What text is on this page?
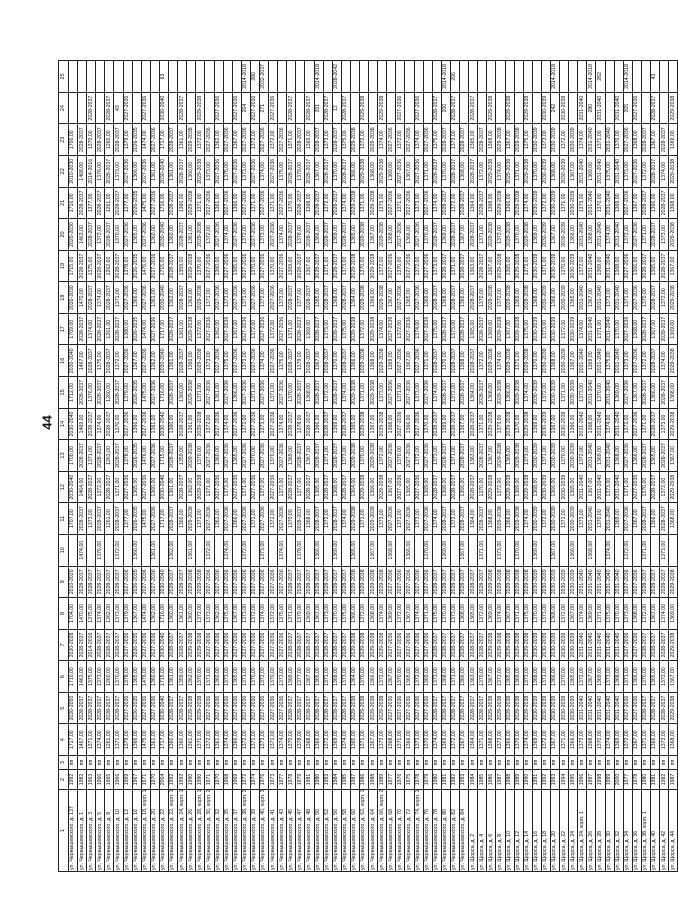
44
1	2	3	4	5	6	7	8	9	10	11	12	13	14	15	16	17	18	19	20	21	22	23	24	25
ул. Чернышевского, д. 137	1992	пп	1717,00	2020-2050	1710,00	2020-2028	1704,00	2010-2020		1707,00	2030-2040	1700,00	2030-2040	1712,00	2030-2040	1709,00	2020-2030	1715,00	2020-2030	1716,00	2010-2030	1700,00		
ул. Чернышевского, д. 1	1982	пп	1467,00	2028-2037	1463,00	2028-2037	1470,00	2028-2037	1474,00	2028-2037	1464,00	2028-2037	1469,00	2028-2037	1467,00	2028-2037	1470,00	2028-2037	1463,00	2028-2037	1468,00	2028-2037		
ул. Чернышевского, д. 3	1963	пп	1371,00	2028-2037	1375,00	2014-2016	1375,00	2028-2037		1373,00	2028-2037	1371,00	2028-2037	1376,00	2028-2037	1374,00	2028-2037	1375,00	2028-2037	1377,00	2014-2016	1370,00	2028-2037	
ул. Чернышевского, д. 5	1960	пп	1374,00	2028-2037	1373,00	2028-2037	1374,00	2028-2037	1376,00	2028-2037	1372,00	2028-2037	1374,00	2028-2037	1375,00	2028-2037	1374,00	2028-2037	1373,00	2028-2037	1376,00	2028-2037		
ул. Чернышевского, д. 8	1965	пп	1261,00	2028-2037	1260,00	2028-2037	1262,00	2028-2037		1261,00	2028-2037	1263,00	2028-2037	1260,00	2028-2037	1261,00	2028-2037	1262,00	2028-2037	1261,00	2028-2037	1260,00	2028-2037	
ул. Чернышевского, д. 10	1966	пп	1371,00	2028-2037	1370,00	2028-2037	1373,00	2028-2037	1372,00	2028-2037	1371,00	2028-2037	1370,00	2028-2037	1372,00	2028-2037	1371,00	2028-2037	1370,00	2028-2037	1373,00	2028-2037	43	
ул. Чернышевского, д. 12	1969	пп	1379,00	2027-2036	1378,00	2027-2036	1379,00	2027-2036		1377,00	2027-2036	1378,00	2027-2036	1379,00	2027-2036	1380,00	2027-2036	1378,00	2027-2036	1377,00	2027-2036	1379,00	2027-2036	
ул. Чернышевского, д. 16	1967	пп	1366,00	2026-2035	1365,00	2026-2035	1367,00	2026-2035	1366,00	2026-2035	1365,00	2026-2035	1366,00	2026-2035	1367,00	2026-2035	1366,00	2026-2035	1365,00	2026-2035	1366,00	2026-2035		
ул. Чернышевского, д. 18, корп. 1	1971	пп	1475,00	2027-2036	1476,00	2027-2036	1474,00	2027-2036		1475,00	2027-2036	1476,00	2027-2036	1475,00	2027-2036	1474,00	2027-2036	1476,00	2027-2036	1475,00	2027-2036	1474,00	2027-2036	
ул. Чернышевского, д. 20	1970	пп	1361,00	2027-2036	1360,00	2027-2036	1362,00	2027-2036	1361,00	2027-2036	1360,00	2027-2036	1361,00	2027-2036	1362,00	2027-2036	1361,00	2027-2036	1360,00	2027-2036	1361,00	2027-2036		
ул. Чернышевского, д. 22	2004	пп	1717,00	2030-2040	1715,00	2030-2040	1716,00	2030-2040		1717,00	2030-2040	1715,00	2030-2040	1716,00	2030-2040	1717,00	2030-2040	1715,00	2030-2040	1716,00	2030-2040	1717,00	2030-2040	63
ул. Чернышевского, д. 22, корп. 1	1992	пп	1360,00	2028-2037	1361,00	2028-2037	1360,00	2028-2037	1362,00	2028-2037	1361,00	2028-2037	1360,00	2028-2037	1361,00	2028-2037	1362,00	2028-2037	1360,00	2028-2037	1361,00	2028-2037		
ул. Чернышевского, д. 24, корп. 1	1992	пп	1360,00	2028-2037	1359,00	2028-2037	1361,00	2028-2037		1360,00	2028-2037	1359,00	2028-2037	1360,00	2028-2037	1361,00	2028-2037	1359,00	2028-2037	1360,00	2028-2037	1361,00	2028-2037	
ул. Чернышевского, д. 26	1990	пп	1361,00	2029-2038	1362,00	2029-2038	1360,00	2029-2038	1361,00	2029-2038	1362,00	2029-2038	1361,00	2029-2038	1360,00	2029-2038	1362,00	2029-2038	1361,00	2029-2038	1360,00	2029-2038		
ул. Чернышевского, д. 28, корп. 1	1990	пп	1371,00	2029-2038	1370,00	2029-2038	1372,00	2029-2038		1371,00	2029-2038	1370,00	2029-2038	1371,00	2029-2038	1372,00	2029-2038	1370,00	2029-2038	1371,00	2029-2038	1372,00	2029-2038	
ул. Чернышевского, д. 30, корп. 2	1971	пп	1372,00	2027-2036	1371,00	2027-2036	1373,00	2027-2036	1372,00	2027-2036	1371,00	2027-2036	1372,00	2027-2036	1373,00	2027-2036	1371,00	2027-2036	1372,00	2027-2036	1373,00	2027-2036		
ул. Чернышевского, д. 32	1970	пп	1361,00	2027-2036	1360,00	2027-2036	1362,00	2027-2036		1361,00	2027-2036	1360,00	2027-2036	1361,00	2027-2036	1362,00	2027-2036	1360,00	2027-2036	1361,00	2027-2036	1362,00	2027-2036	
ул. Чернышевского, д. 35	1968	пп	1374,00	2027-2036	1373,00	2027-2036	1375,00	2027-2036	1374,00	2027-2036	1373,00	2027-2036	1374,00	2027-2036	1375,00	2027-2036	1373,00	2027-2036	1374,00	2027-2036	1375,00	2027-2036		
ул. Чернышевского, д. 37	1969	пп	1366,00	2027-2036	1365,00	2027-2036	1367,00	2027-2036		1366,00	2027-2036	1365,00	2027-2036	1366,00	2027-2036	1367,00	2027-2036	1365,00	2027-2036	1366,00	2027-2036	1367,00	2027-2036	
ул. Чернышевского, д. 38, корп. 2	1972	пп	1372,00	2027-2036	1371,00	2027-2036	1373,00	2027-2036	1372,00	2027-2036	1371,00	2027-2036	1372,00	2027-2036	1373,00	2027-2036	1371,00	2027-2036	1372,00	2027-2036	1373,00	2027-2036	264	2014-2018
ул. Чернышевского, д. 39	1974	пп	1371,00	2027-2036	1370,00	2027-2036	1372,00	2027-2036		1371,00	2027-2036	1370,00	2027-2036	1371,00	2027-2036	1372,00	2027-2036	1370,00	2027-2036	1371,00	2027-2036	1372,00	2027-2036	280
ул. Чернышевского, д. 40, корп. 3	1976	пп	1373,00	2027-2036	1372,00	2027-2036	1374,00	2027-2036	1373,00	2027-2036	1372,00	2027-2036	1373,00	2027-2036	1374,00	2027-2036	1372,00	2027-2036	1373,00	2027-2036	1374,00	2027-2036	271	2032-2037
ул. Чернышевского, д. 41	1973	пп	1371,00	2027-2036	1370,00	2027-2036	1372,00	2027-2036		1371,00	2027-2036	1370,00	2027-2036	1371,00	2027-2036	1372,00	2027-2036	1370,00	2027-2036	1371,00	2027-2036	1372,00	2027-2036	
ул. Чернышевского, д. 43	1977	пп	1374,00	2027-2036	1373,00	2027-2036	1375,00	2027-2036	1374,00	2027-2036	1373,00	2027-2036	1374,00	2027-2036	1375,00	2027-2036	1373,00	2027-2036	1374,00	2027-2036	1375,00	2027-2036		
ул. Чернышевского, д. 45	1978	пп	1370,00	2028-2037	1369,00	2028-2037	1371,00	2028-2037		1370,00	2028-2037	1369,00	2028-2037	1370,00	2028-2037	1371,00	2028-2037	1369,00	2028-2037	1370,00	2028-2037	1371,00	2028-2037	
ул. Чернышевского, д. 47	1979	пп	1378,00	2028-2037	1377,00	2028-2037	1379,00	2028-2037	1378,00	2028-2037	1377,00	2028-2037	1378,00	2028-2037	1379,00	2028-2037	1377,00	2028-2037	1378,00	2028-2037	1379,00	2028-2037		
ул. Чернышевского, д. 48	1981	пп	1368,00	2028-2037	1367,00	2028-2037	1369,00	2028-2037		1368,00	2028-2037	1367,00	2028-2037	1368,00	2028-2037	1369,00	2028-2037	1367,00	2028-2037	1368,00	2028-2037	1369,00	2028-2037	
ул. Чернышевского, д. 50	1980	пп	1366,00	2028-2037	1365,00	2028-2037	1367,00	2028-2037	1366,00	2028-2037	1365,00	2028-2037	1366,00	2028-2037	1367,00	2028-2037	1365,00	2028-2037	1366,00	2028-2037	1367,00	2028-2037	201	2014-2018
ул. Чернышевского, д. 52	1983	пп	1372,00	2028-2037	1371,00	2028-2037	1373,00	2028-2037		1372,00	2028-2037	1371,00	2028-2037	1372,00	2028-2037	1373,00	2028-2037	1371,00	2028-2037	1372,00	2028-2037	1373,00	2028-2037	
ул. Чернышевского, д. 56	1984	пп	1369,00	2028-2037	1368,00	2028-2037	1370,00	2028-2037	1369,00	2028-2037	1368,00	2028-2037	1369,00	2028-2037	1370,00	2028-2037	1368,00	2028-2037	1369,00	2028-2037	1370,00	2028-2037	12	2028-2042
ул. Чернышевского, д. 58	1985	пп	1374,00	2028-2037	1373,00	2028-2037	1375,00	2028-2037		1374,00	2028-2037	1373,00	2028-2037	1374,00	2028-2037	1375,00	2028-2037	1373,00	2028-2037	1374,00	2028-2037	1375,00	2028-2037	
ул. Чернышевского, д. 60	1987	пп	1365,00	2029-2038	1364,00	2029-2038	1366,00	2029-2038	1365,00	2029-2038	1364,00	2029-2038	1365,00	2029-2038	1366,00	2029-2038	1364,00	2029-2038	1365,00	2029-2038	1366,00	2029-2038		
ул. Чернышевского, д. 62, корп. 1	1986	пп	1371,00	2029-2038	1370,00	2029-2038	1372,00	2029-2038		1371,00	2029-2038	1370,00	2029-2038	1371,00	2029-2038	1372,00	2029-2038	1370,00	2029-2038	1371,00	2029-2038	1372,00	2029-2038	
ул. Чернышевского, д. 64	1988	пп	1367,00	2029-2038	1366,00	2029-2038	1368,00	2029-2038	1367,00	2029-2038	1366,00	2029-2038	1367,00	2029-2038	1368,00	2029-2038	1366,00	2029-2038	1367,00	2029-2038	1368,00	2029-2038		
ул. Чернышевского, д. 66, корп. 2	1989	пп	1373,00	2029-2038	1372,00	2029-2038	1374,00	2029-2038		1373,00	2029-2038	1372,00	2029-2038	1373,00	2029-2038	1374,00	2029-2038	1372,00	2029-2038	1373,00	2029-2038	1374,00	2029-2038	
ул. Чернышевского, д. 68	1977	пп	1368,00	2027-2036	1367,00	2027-2036	1369,00	2027-2036	1368,00	2027-2036	1367,00	2027-2036	1368,00	2027-2036	1369,00	2027-2036	1367,00	2027-2036	1368,00	2027-2036	1369,00	2027-2036		
ул. Чернышевского, д. 70	1976	пп	1371,00	2027-2036	1370,00	2027-2036	1372,00	2027-2036		1371,00	2027-2036	1370,00	2027-2036	1371,00	2027-2036	1372,00	2027-2036	1370,00	2027-2036	1371,00	2027-2036	1372,00	2027-2036	
ул. Чернышевского, д. 72	1975	пп	1366,00	2027-2036	1365,00	2027-2036	1367,00	2027-2036	1366,00	2027-2036	1365,00	2027-2036	1366,00	2027-2036	1367,00	2027-2036	1365,00	2027-2036	1366,00	2027-2036	1367,00	2027-2036		
ул. Чернышевского, д. 74, корп. 1	1978	пп	1373,00	2027-2036	1372,00	2027-2036	1374,00	2027-2036		1373,00	2027-2036	1372,00	2027-2036	1373,00	2027-2036	1374,00	2027-2036	1372,00	2027-2036	1373,00	2027-2036	1374,00	2027-2036	
ул. Чернышевского, д. 76	1979	пп	1370,00	2027-2036	1369,00	2027-2036	1371,00	2027-2036	1370,00	2027-2036	1369,00	2027-2036	1370,00	2027-2036	1371,00	2027-2036	1369,00	2027-2036	1370,00	2027-2036	1371,00	2027-2036		
ул. Чернышевского, д. 78	1980	пп	1374,00	2028-2037	1373,00	2028-2037	1375,00	2028-2037		1374,00	2028-2037	1373,00	2028-2037	1374,00	2028-2037	1375,00	2028-2037	1373,00	2028-2037	1374,00	2028-2037	1375,00	2028-2037	
ул. Чернышевского, д. 80	1981	пп	1369,00	2028-2037	1368,00	2028-2037	1370,00	2028-2037	1369,00	2028-2037	1368,00	2028-2037	1369,00	2028-2037	1370,00	2028-2037	1368,00	2028-2037	1369,00	2028-2037	1370,00	2028-2037	200	2014-2018
ул. Чернышевского, д. 82	1982	пп	1372,00	2028-2037	1371,00	2028-2037	1373,00	2028-2037		1372,00	2028-2037	1371,00	2028-2037	1372,00	2028-2037	1373,00	2028-2037	1371,00	2028-2037	1372,00	2028-2037	1373,00	2028-2037	206
ул. Чернышевского, д. 84	1983	пп	1367,00	2028-2037	1366,00	2028-2037	1368,00	2028-2037	1367,00	2028-2037	1366,00	2028-2037	1367,00	2028-2037	1368,00	2028-2037	1366,00	2028-2037	1367,00	2028-2037	1368,00	2028-2037		
ул. Щорса, д. 2	1984	пп	1364,00	2028-2037	1363,00	2028-2037	1365,00	2028-2037		1364,00	2028-2037	1363,00	2028-2037	1364,00	2028-2037	1365,00	2028-2037	1363,00	2028-2037	1364,00	2028-2037	1365,00	2028-2037	
ул. Щорса, д. 4	1985	пп	1371,00	2028-2037	1370,00	2028-2037	1372,00	2028-2037	1371,00	2028-2037	1370,00	2028-2037	1371,00	2028-2037	1372,00	2028-2037	1370,00	2028-2037	1371,00	2028-2037	1372,00	2028-2037		
ул. Щорса, д. 6	1986	пп	1368,00	2029-2038	1367,00	2029-2038	1369,00	2029-2038		1368,00	2029-2038	1367,00	2029-2038	1368,00	2029-2038	1369,00	2029-2038	1367,00	2029-2038	1368,00	2029-2038	1369,00	2029-2038	
ул. Щорса, д. 8	1987	пп	1373,00	2029-2038	1372,00	2029-2038	1374,00	2029-2038	1373,00	2029-2038	1372,00	2029-2038	1373,00	2029-2038	1374,00	2029-2038	1372,00	2029-2038	1373,00	2029-2038	1374,00	2029-2038		
ул. Щорса, д. 10	1988	пп	1366,00	2029-2038	1365,00	2029-2038	1367,00	2029-2038		1366,00	2029-2038	1365,00	2029-2038	1366,00	2029-2038	1367,00	2029-2038	1365,00	2029-2038	1366,00	2029-2038	1367,00	2029-2038	
ул. Щорса, д. 12	1989	пп	1370,00	2029-2038	1369,00	2029-2038	1371,00	2029-2038	1370,00	2029-2038	1369,00	2029-2038	1370,00	2029-2038	1371,00	2029-2038	1369,00	2029-2038	1370,00	2029-2038	1371,00	2029-2038		
ул. Щорса, д. 14	1990	пп	1374,00	2029-2038	1373,00	2029-2038	1375,00	2029-2038		1374,00	2029-2038	1373,00	2029-2038	1374,00	2029-2038	1375,00	2029-2038	1373,00	2029-2038	1374,00	2029-2038	1375,00	2029-2038	
ул. Щорса, д. 16	1991	пп	1369,00	2030-2039	1368,00	2030-2039	1370,00	2030-2039	1369,00	2030-2039	1368,00	2030-2039	1369,00	2030-2039	1370,00	2030-2039	1368,00	2030-2039	1369,00	2030-2039	1370,00	2030-2039		
ул. Щорса, д. 18	1992	пп	1372,00	2030-2039	1371,00	2030-2039	1373,00	2030-2039		1372,00	2030-2039	1371,00	2030-2039	1372,00	2030-2039	1373,00	2030-2039	1371,00	2030-2039	1372,00	2030-2039	1373,00	2030-2039	
ул. Щорса, д. 20	1993	пп	1367,00	2030-2039	1366,00	2030-2039	1368,00	2030-2039	1367,00	2030-2039	1366,00	2030-2039	1367,00	2030-2039	1368,00	2030-2039	1366,00	2030-2039	1367,00	2030-2039	1368,00	2030-2039	242	2014-2018
ул. Щорса, д. 22	1994	пп	1371,00	2030-2039	1370,00	2030-2039	1372,00	2030-2039		1371,00	2030-2039	1370,00	2030-2039	1371,00	2030-2039	1372,00	2030-2039	1370,00	2030-2039	1371,00	2030-2039	1372,00	2030-2039	
ул. Щорса, д. 24	1995	пп	1366,00	2030-2039	1365,00	2030-2039	1367,00	2030-2039	1366,00	2030-2039	1365,00	2030-2039	1366,00	2030-2039	1367,00	2030-2039	1365,00	2030-2039	1366,00	2030-2039	1367,00	2030-2039		
ул. Щорса, д. 24, корп. 1	1996	пп	1373,00	2031-2040	1372,00	2031-2040	1374,00	2031-2040		1373,00	2031-2040	1372,00	2031-2040	1373,00	2031-2040	1374,00	2031-2040	1372,00	2031-2040	1373,00	2031-2040	1374,00	2031-2040	
ул. Щорса, д. 26	1997	пп	1368,00	2031-2040	1367,00	2031-2040	1369,00	2031-2040	1368,00	2031-2040	1367,00	2031-2040	1368,00	2031-2040	1369,00	2031-2040	1367,00	2031-2040	1368,00	2031-2040	1369,00	2031-2040	280	2014-2018
ул. Щорса, д. 28	1998	пп	1370,00	2031-2040	1369,00	2031-2040	1371,00	2031-2040		1370,00	2031-2040	1369,00	2031-2040	1370,00	2031-2040	1371,00	2031-2040	1369,00	2031-2040	1370,00	2031-2040	1371,00	2031-2040	282
ул. Щорса, д. 30	1999	пп	1374,00	2031-2040	1373,00	2031-2040	1375,00	2031-2040	1374,00	2031-2040	1373,00	2031-2040	1374,00	2031-2040	1375,00	2031-2040	1373,00	2031-2040	1374,00	2031-2040	1375,00	2031-2040		
ул. Щорса, д. 32	2000	пп	1369,00	2031-2040	1368,00	2031-2040	1370,00	2031-2040		1369,00	2031-2040	1368,00	2031-2040	1369,00	2031-2040	1370,00	2031-2040	1368,00	2031-2040	1369,00	2031-2040	1370,00	2031-2040	
ул. Щорса, д. 34	1977	пп	1372,00	2027-2036	1371,00	2027-2036	1373,00	2027-2036	1372,00	2027-2036	1371,00	2027-2036	1372,00	2027-2036	1373,00	2027-2036	1371,00	2027-2036	1372,00	2027-2036	1373,00	2027-2036	205	2014-2018
ул. Щорса, д. 36	1978	пп	1367,00	2027-2036	1366,00	2027-2036	1368,00	2027-2036		1367,00	2027-2036	1366,00	2027-2036	1367,00	2027-2036	1368,00	2027-2036	1366,00	2027-2036	1367,00	2027-2036	1368,00	2027-2036	
ул. Щорса, д. 38, корп. 1	1980	пп	1371,00	2028-2037	1370,00	2028-2037	1372,00	2028-2037	1371,00	2028-2037	1370,00	2028-2037	1371,00	2028-2037	1372,00	2028-2037	1370,00	2028-2037	1371,00	2028-2037	1372,00	2028-2037		
ул. Щорса, д. 40	1981	пп	1366,00	2028-2037	1365,00	2028-2037	1367,00	2028-2037		1366,00	2028-2037	1365,00	2028-2037	1366,00	2028-2037	1367,00	2028-2037	1365,00	2028-2037	1366,00	2028-2037	1367,00	2028-2037	43
ул. Щорса, д. 42	1982	пп	1373,00	2028-2037	1372,00	2028-2037	1374,00	2028-2037	1373,00	2028-2037	1372,00	2028-2037	1373,00	2028-2037	1374,00	2028-2037	1372,00	2028-2037	1373,00	2028-2037	1374,00	2028-2037		
ул. Щорса, д. 44	1987	пп	1368,00	2029-2038	1367,00	2029-2038	1369,00	2029-2038		1368,00	2029-2038	1367,00	2029-2038	1368,00	2029-2038	1369,00	2029-2038	1367,00	2029-2038	1368,00	2029-2038	1369,00	2029-2038	
